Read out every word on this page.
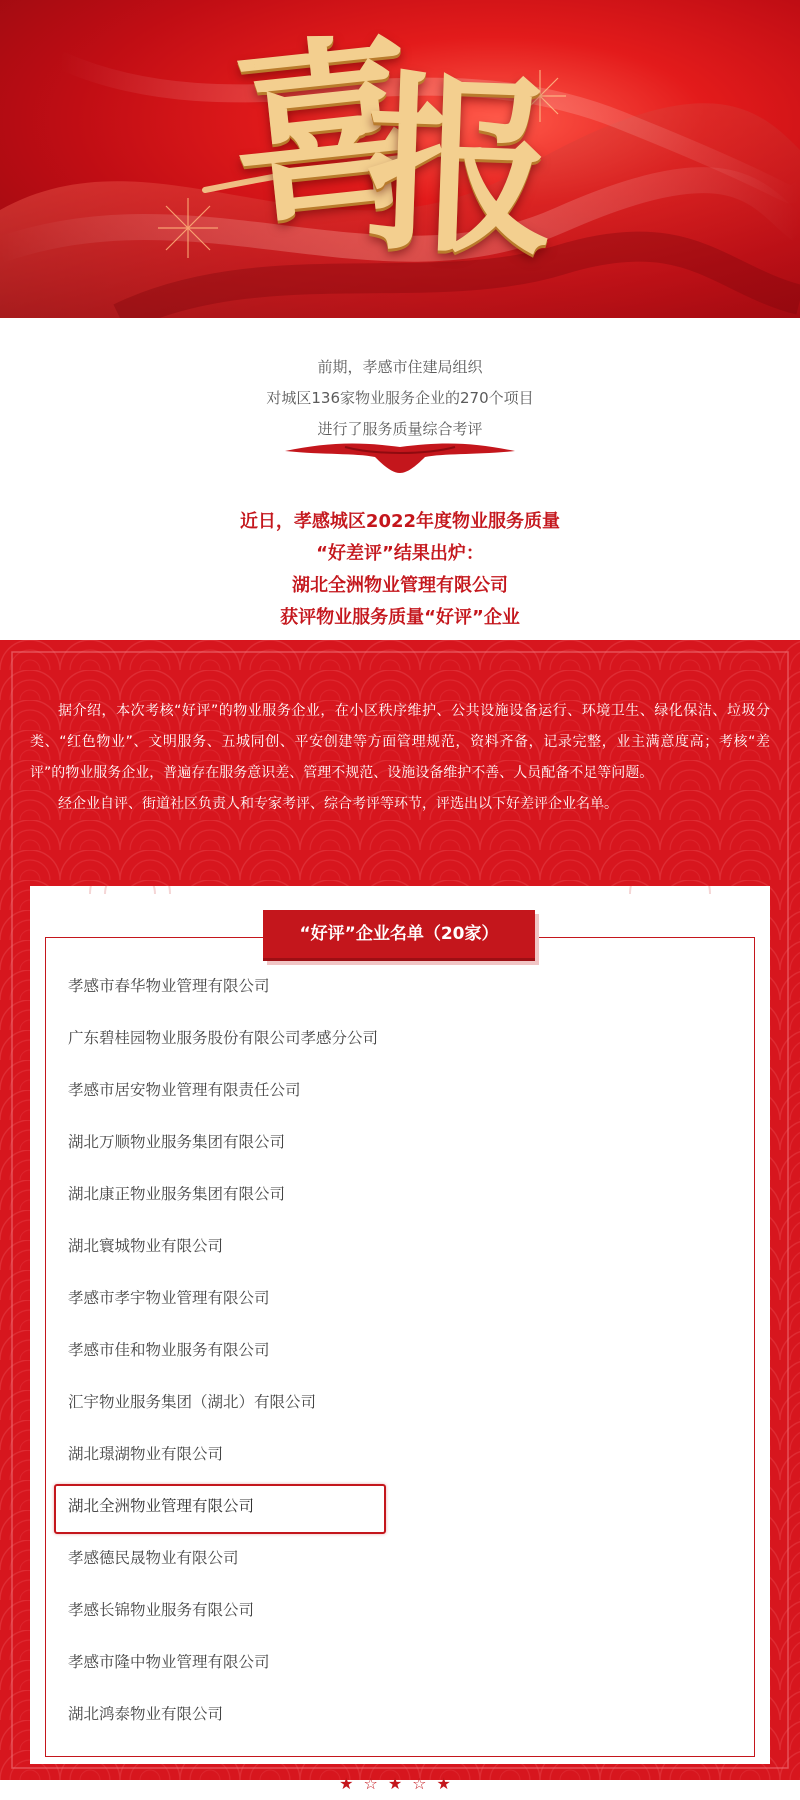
喜报
前期，孝感市住建局组织
对城区136家物业服务企业的270个项目
进行了服务质量综合考评
近日，孝感城区2022年度物业服务质量
“好差评”结果出炉：
湖北全洲物业管理有限公司
获评物业服务质量“好评”企业

据介绍，本次考核“好评”的物业服务企业，在小区秩序维护、公共设施设备运行、环境卫生、绿化保洁、垃圾分类、“红色物业”、文明服务、五城同创、平安创建等方面管理规范，资料齐备，记录完整，业主满意度高；考核“差评”的物业服务企业，普遍存在服务意识差、管理不规范、设施设备维护不善、人员配备不足等问题。

经企业自评、街道社区负责人和专家考评、综合考评等环节，评选出以下好差评企业名单。

“好评”企业名单（20家）
孝感市春华物业管理有限公司
广东碧桂园物业服务股份有限公司孝感分公司
孝感市居安物业管理有限责任公司
湖北万顺物业服务集团有限公司
湖北康正物业服务集团有限公司
湖北寰城物业有限公司
孝感市孝宇物业管理有限公司
孝感市佳和物业服务有限公司
汇宇物业服务集团（湖北）有限公司
湖北璟湖物业有限公司
湖北全洲物业管理有限公司
孝感德民晟物业有限公司
孝感长锦物业服务有限公司
孝感市隆中物业管理有限公司
湖北鸿泰物业有限公司
★☆★☆★
